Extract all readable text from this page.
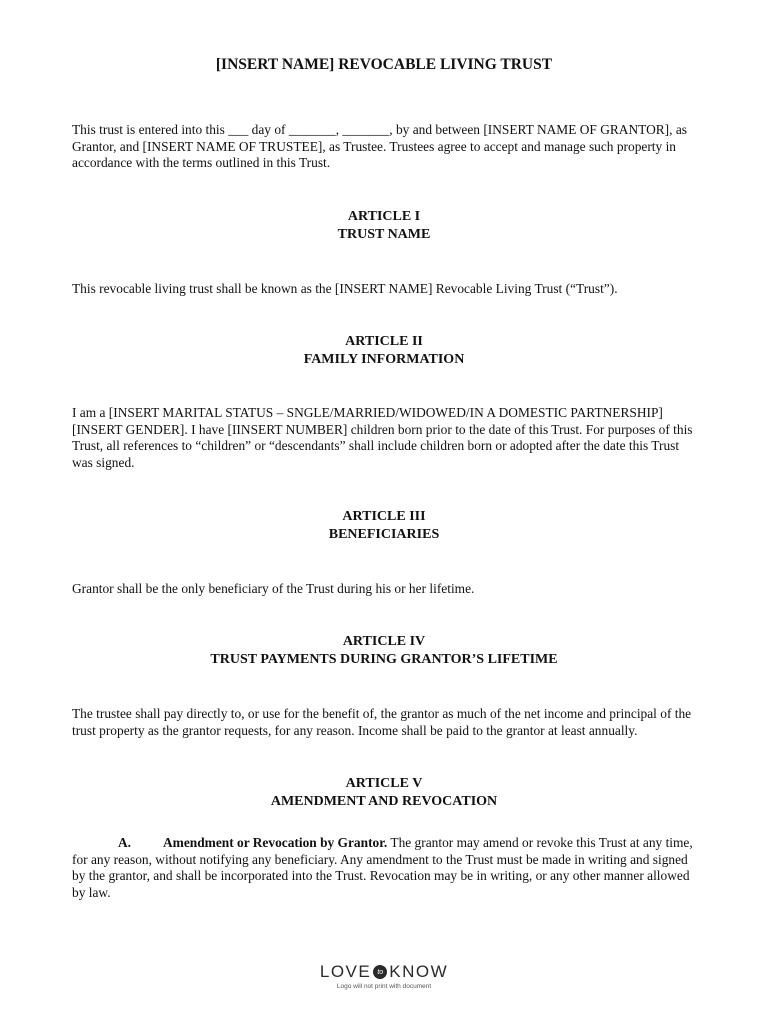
[INSERT NAME] REVOCABLE LIVING TRUST
This trust is entered into this ___ day of _______, _______, by and between [INSERT NAME OF GRANTOR], as Grantor, and [INSERT NAME OF TRUSTEE], as Trustee. Trustees agree to accept and manage such property in accordance with the terms outlined in this Trust.
ARTICLE I
TRUST NAME
This revocable living trust shall be known as the [INSERT NAME] Revocable Living Trust (“Trust”).
ARTICLE II
FAMILY INFORMATION
I am a [INSERT MARITAL STATUS – SNGLE/MARRIED/WIDOWED/IN A DOMESTIC PARTNERSHIP] [INSERT GENDER]. I have [IINSERT NUMBER] children born prior to the date of this Trust. For purposes of this Trust, all references to “children” or “descendants” shall include children born or adopted after the date this Trust was signed.
ARTICLE III
BENEFICIARIES
Grantor shall be the only beneficiary of the Trust during his or her lifetime.
ARTICLE IV
TRUST PAYMENTS DURING GRANTOR’S LIFETIME
The trustee shall pay directly to, or use for the benefit of, the grantor as much of the net income and principal of the trust property as the grantor requests, for any reason. Income shall be paid to the grantor at least annually.
ARTICLE V
AMENDMENT AND REVOCATION
A. Amendment or Revocation by Grantor. The grantor may amend or revoke this Trust at any time, for any reason, without notifying any beneficiary. Any amendment to the Trust must be made in writing and signed by the grantor, and shall be incorporated into the Trust. Revocation may be in writing, or any other manner allowed by law.
LOVE to KNOW
Logo will not print with document
